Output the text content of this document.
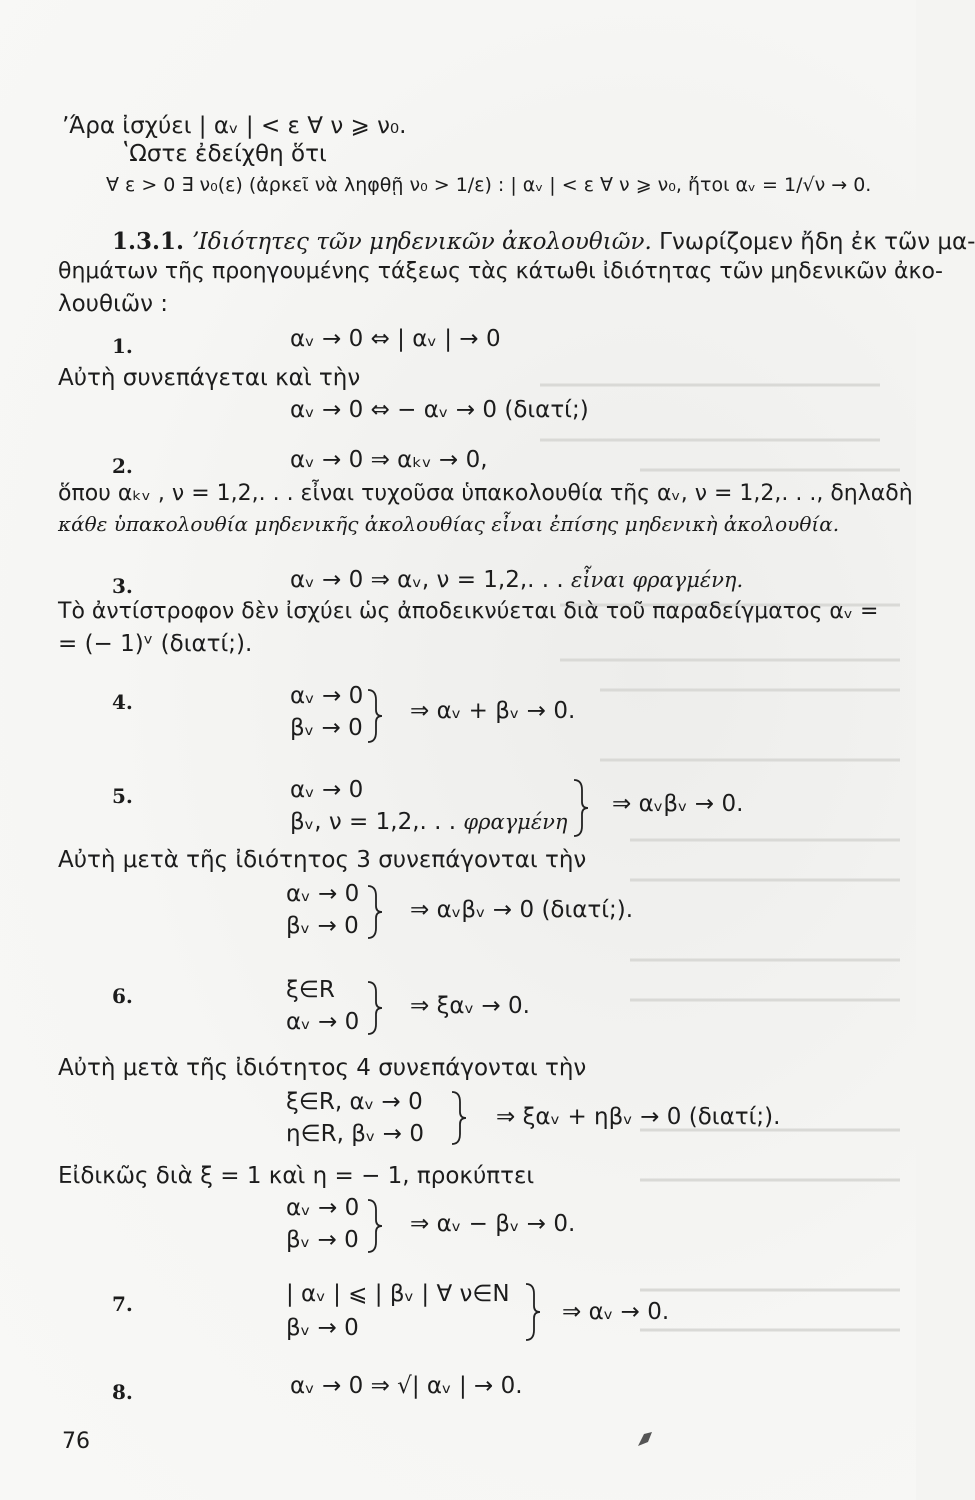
ʼΆρα ἰσχύει | αᵥ | < ε ∀ ν ⩾ ν₀.
ʽΩστε ἐδείχθη ὅτι
∀ ε > 0 ∃ ν₀(ε) (ἀρκεῖ νὰ ληφθῇ ν₀ > 1/ε) : | αᵥ | < ε ∀ ν ⩾ ν₀, ἤτοι αᵥ = 1/√ν → 0.
1.3.1. ʼΙδιότητες τῶν μηδενικῶν ἀκολουθιῶν. Γνωρίζομεν ἤδη ἐκ τῶν μα-
θημάτων τῆς προηγουμένης τάξεως τὰς κάτωθι ἰδιότητας τῶν μηδενικῶν ἀκο-
λουθιῶν :
1.	αᵥ → 0 ⇔ | αᵥ | → 0
Αὐτὴ συνεπάγεται καὶ τὴν
αᵥ → 0 ⇔ − αᵥ → 0 (διατί;)
2.	αᵥ → 0 ⇒ αₖᵥ → 0,
ὅπου αₖᵥ , ν = 1,2,. . . εἶναι τυχοῦσα ὑπακολουθία τῆς αᵥ, ν = 1,2,. . ., δηλαδὴ
κάθε ὑπακολουθία μηδενικῆς ἀκολουθίας εἶναι ἐπίσης μηδενικὴ ἀκολουθία.
3.	αᵥ → 0 ⇒ αᵥ, ν = 1,2,. . . εἶναι φραγμένη.
Τὸ ἀντίστροφον δὲν ἰσχύει ὡς ἀποδεικνύεται διὰ τοῦ παραδείγματος αᵥ =
= (− 1)ᵛ (διατί;).
4.	αᵥ → 0
βᵥ → 0
⇒ αᵥ + βᵥ → 0.
5.	αᵥ → 0
βᵥ, ν = 1,2,. . . φραγμένη
⇒ αᵥβᵥ → 0.
Αὐτὴ μετὰ τῆς ἰδιότητος 3 συνεπάγονται τὴν
αᵥ → 0
βᵥ → 0
⇒ αᵥβᵥ → 0 (διατί;).
6.	ξ∈R
αᵥ → 0
⇒ ξαᵥ → 0.
Αὐτὴ μετὰ τῆς ἰδιότητος 4 συνεπάγονται τὴν
ξ∈R, αᵥ → 0
η∈R, βᵥ → 0
⇒ ξαᵥ + ηβᵥ → 0 (διατί;).
Εἰδικῶς διὰ ξ = 1 καὶ η = − 1, προκύπτει
αᵥ → 0
βᵥ → 0
⇒ αᵥ − βᵥ → 0.
7.	| αᵥ | ⩽ | βᵥ | ∀ ν∈N
βᵥ → 0
⇒ αᵥ → 0.
8.	αᵥ → 0 ⇒ √| αᵥ | → 0.
76
